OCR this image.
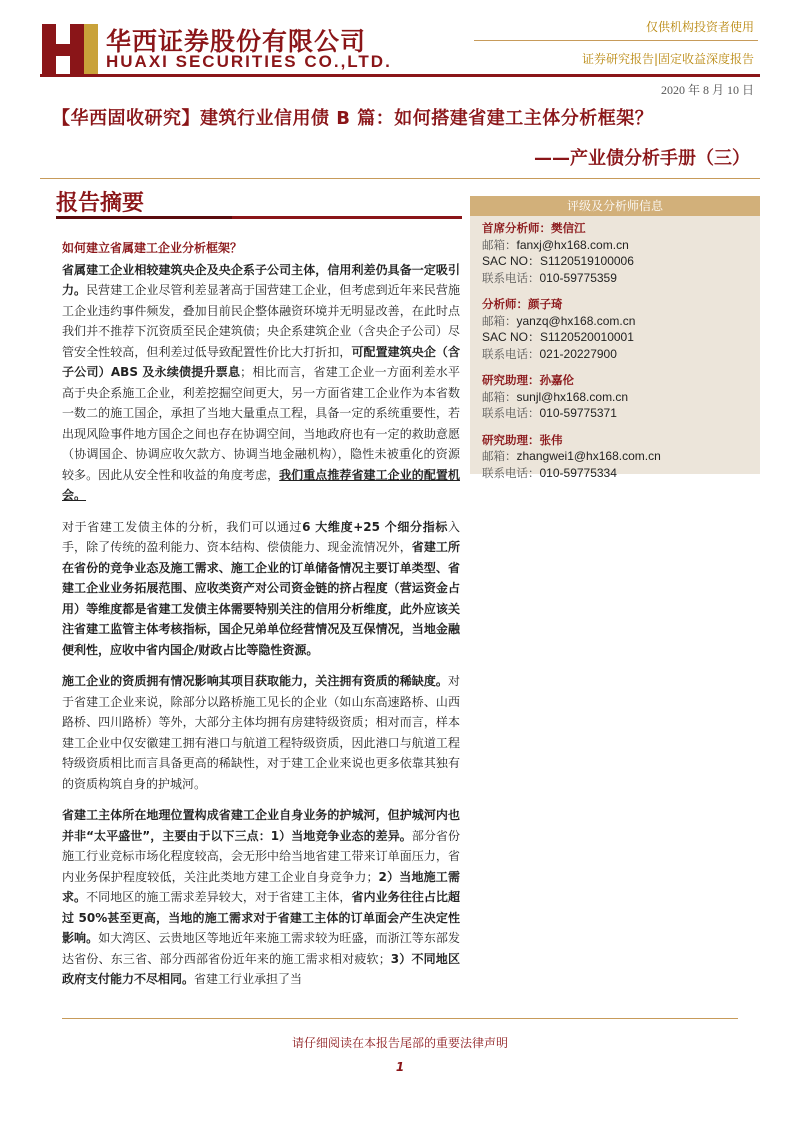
华西证券股份有限公司
HUAXI SECURITIES CO.,LTD.
仅供机构投资者使用
证券研究报告|固定收益深度报告
2020 年 8 月 10 日
【华西固收研究】建筑行业信用债 B 篇：如何搭建省建工主体分析框架？
——产业债分析手册（三）
报告摘要

如何建立省属建工企业分析框架？

省属建工企业相较建筑央企及央企系子公司主体，信用利差仍具备一定吸引力。民营建工企业尽管利差显著高于国营建工企业，但考虑到近年来民营施工企业违约事件频发，叠加目前民企整体融资环境并无明显改善，在此时点我们并不推荐下沉资质至民企建筑债；央企系建筑企业（含央企子公司）尽管安全性较高，但利差过低导致配置性价比大打折扣，可配置建筑央企（含子公司）ABS 及永续债提升票息；相比而言，省建工企业一方面利差水平高于央企系施工企业，利差挖掘空间更大，另一方面省建工企业作为本省数一数二的施工国企，承担了当地大量重点工程，具备一定的系统重要性，若出现风险事件地方国企之间也存在协调空间，当地政府也有一定的救助意愿（协调国企、协调应收欠款方、协调当地金融机构），隐性未被重化的资源较多。因此从安全性和收益的角度考虑，我们重点推荐省建工企业的配置机会。

对于省建工发债主体的分析，我们可以通过6 大维度+25 个细分指标入手，除了传统的盈利能力、资本结构、偿债能力、现金流情况外，省建工所在省份的竞争业态及施工需求、施工企业的订单储备情况主要订单类型、省建工企业业务拓展范围、应收类资产对公司资金链的挤占程度（营运资金占用）等维度都是省建工发债主体需要特别关注的信用分析维度，此外应该关注省建工监管主体考核指标，国企兄弟单位经营情况及互保情况，当地金融便利性，应收中省内国企/财政占比等隐性资源。

施工企业的资质拥有情况影响其项目获取能力，关注拥有资质的稀缺度。对于省建工企业来说，除部分以路桥施工见长的企业（如山东高速路桥、山西路桥、四川路桥）等外，大部分主体均拥有房建特级资质；相对而言，样本建工企业中仅安徽建工拥有港口与航道工程特级资质，因此港口与航道工程特级资质相比而言具备更高的稀缺性，对于建工企业来说也更多依靠其独有的资质构筑自身的护城河。

省建工主体所在地理位置构成省建工企业自身业务的护城河，但护城河内也并非“太平盛世”，主要由于以下三点：1）当地竞争业态的差异。部分省份施工行业竞标市场化程度较高，会无形中给当地省建工带来订单面压力，省内业务保护程度较低，关注此类地方建工企业自身竞争力；2）当地施工需求。不同地区的施工需求差异较大，对于省建工主体，省内业务往往占比超过 50%甚至更高，当地的施工需求对于省建工主体的订单面会产生决定性影响。如大湾区、云贵地区等地近年来施工需求较为旺盛，而浙江等东部发达省份、东三省、部分西部省份近年来的施工需求相对疲软；3）不同地区政府支付能力不尽相同。省建工行业承担了当

评级及分析师信息
首席分析师：樊信江
邮箱：fanxj@hx168.com.cn
SAC NO：S1120519100006
联系电话：010-59775359
分析师：颜子琦
邮箱：yanzq@hx168.com.cn
SAC NO：S1120520010001
联系电话：021-20227900
研究助理：孙嘉伦
邮箱：sunjl@hx168.com.cn
联系电话：010-59775371
研究助理：张伟
邮箱：zhangwei1@hx168.com.cn
联系电话：010-59775334
请仔细阅读在本报告尾部的重要法律声明
1
